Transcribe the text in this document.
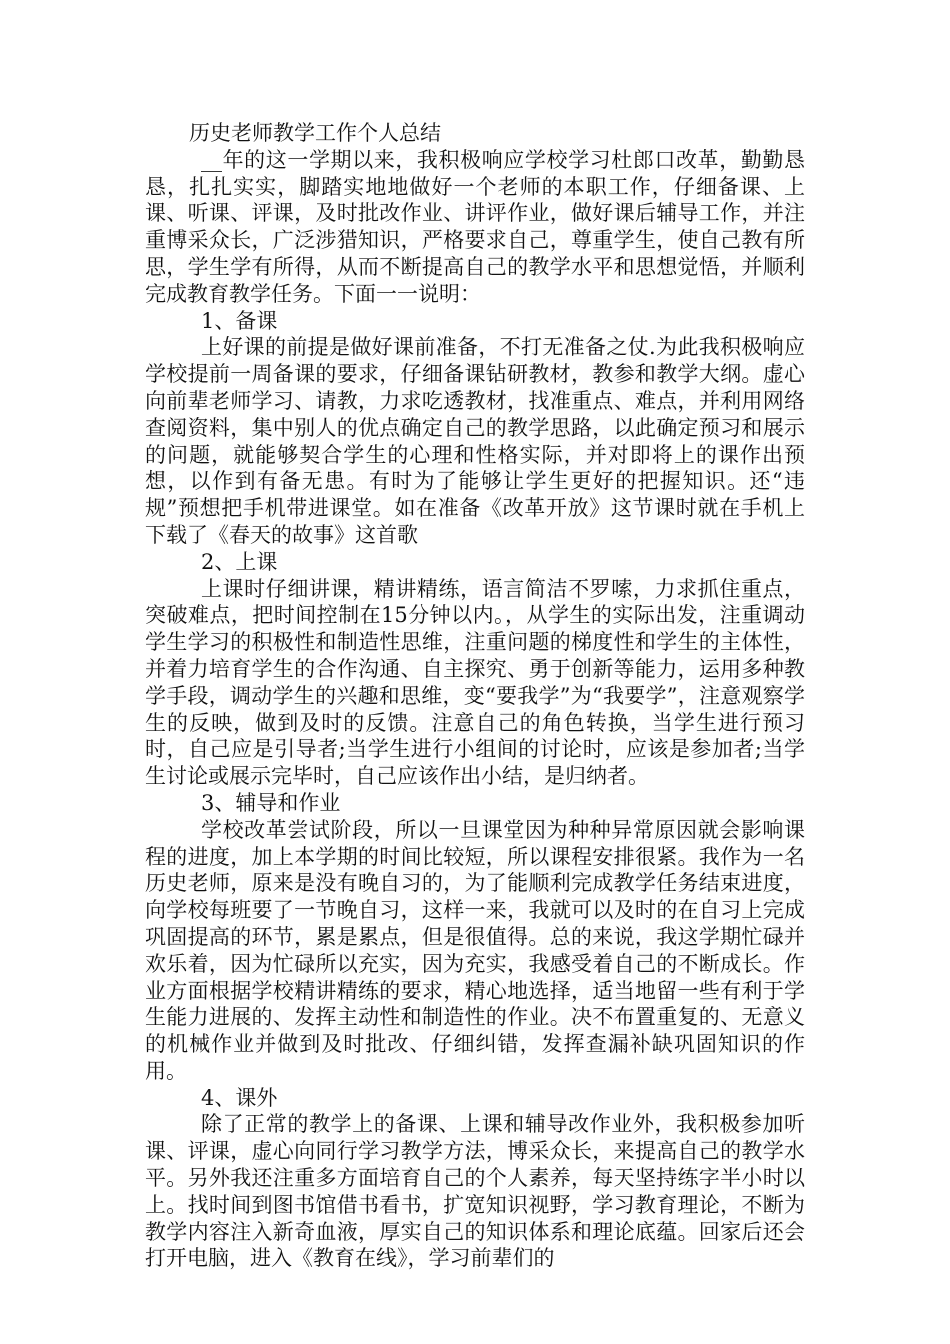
历史老师教学工作个人总结

__年的这一学期以来，我积极响应学校学习杜郎口改革，勤勤恳恳，扎扎实实，脚踏实地地做好一个老师的本职工作，仔细备课、上课、听课、评课，及时批改作业、讲评作业，做好课后辅导工作，并注重博采众长，广泛涉猎知识，严格要求自己，尊重学生，使自己教有所思，学生学有所得，从而不断提高自己的教学水平和思想觉悟，并顺利完成教育教学任务。下面一一说明：

1、备课

上好课的前提是做好课前准备，不打无准备之仗.为此我积极响应学校提前一周备课的要求，仔细备课钻研教材，教参和教学大纲。虚心向前辈老师学习、请教，力求吃透教材，找准重点、难点，并利用网络查阅资料，集中别人的优点确定自己的教学思路，以此确定预习和展示的问题，就能够契合学生的心理和性格实际，并对即将上的课作出预想，以作到有备无患。有时为了能够让学生更好的把握知识。还“违规”预想把手机带进课堂。如在准备《改革开放》这节课时就在手机上下载了《春天的故事》这首歌

2、上课

上课时仔细讲课，精讲精练，语言简洁不罗嗦，力求抓住重点，突破难点，把时间控制在15分钟以内。，从学生的实际出发，注重调动学生学习的积极性和制造性思维，注重问题的梯度性和学生的主体性，并着力培育学生的合作沟通、自主探究、勇于创新等能力，运用多种教学手段，调动学生的兴趣和思维，变“要我学”为“我要学”，注意观察学生的反映，做到及时的反馈。注意自己的角色转换，当学生进行预习时，自己应是引导者;当学生进行小组间的讨论时，应该是参加者;当学生讨论或展示完毕时，自己应该作出小结，是归纳者。

3、辅导和作业

学校改革尝试阶段，所以一旦课堂因为种种异常原因就会影响课程的进度，加上本学期的时间比较短，所以课程安排很紧。我作为一名历史老师，原来是没有晚自习的，为了能顺利完成教学任务结束进度，向学校每班要了一节晚自习，这样一来，我就可以及时的在自习上完成巩固提高的环节，累是累点，但是很值得。总的来说，我这学期忙碌并欢乐着，因为忙碌所以充实，因为充实，我感受着自己的不断成长。作业方面根据学校精讲精练的要求，精心地选择，适当地留一些有利于学生能力进展的、发挥主动性和制造性的作业。决不布置重复的、无意义的机械作业并做到及时批改、仔细纠错，发挥查漏补缺巩固知识的作用。

4、课外

除了正常的教学上的备课、上课和辅导改作业外，我积极参加听课、评课，虚心向同行学习教学方法，博采众长，来提高自己的教学水平。另外我还注重多方面培育自己的个人素养，每天坚持练字半小时以上。找时间到图书馆借书看书，扩宽知识视野，学习教育理论，不断为教学内容注入新奇血液，厚实自己的知识体系和理论底蕴。回家后还会打开电脑，进入《教育在线》，学习前辈们的
